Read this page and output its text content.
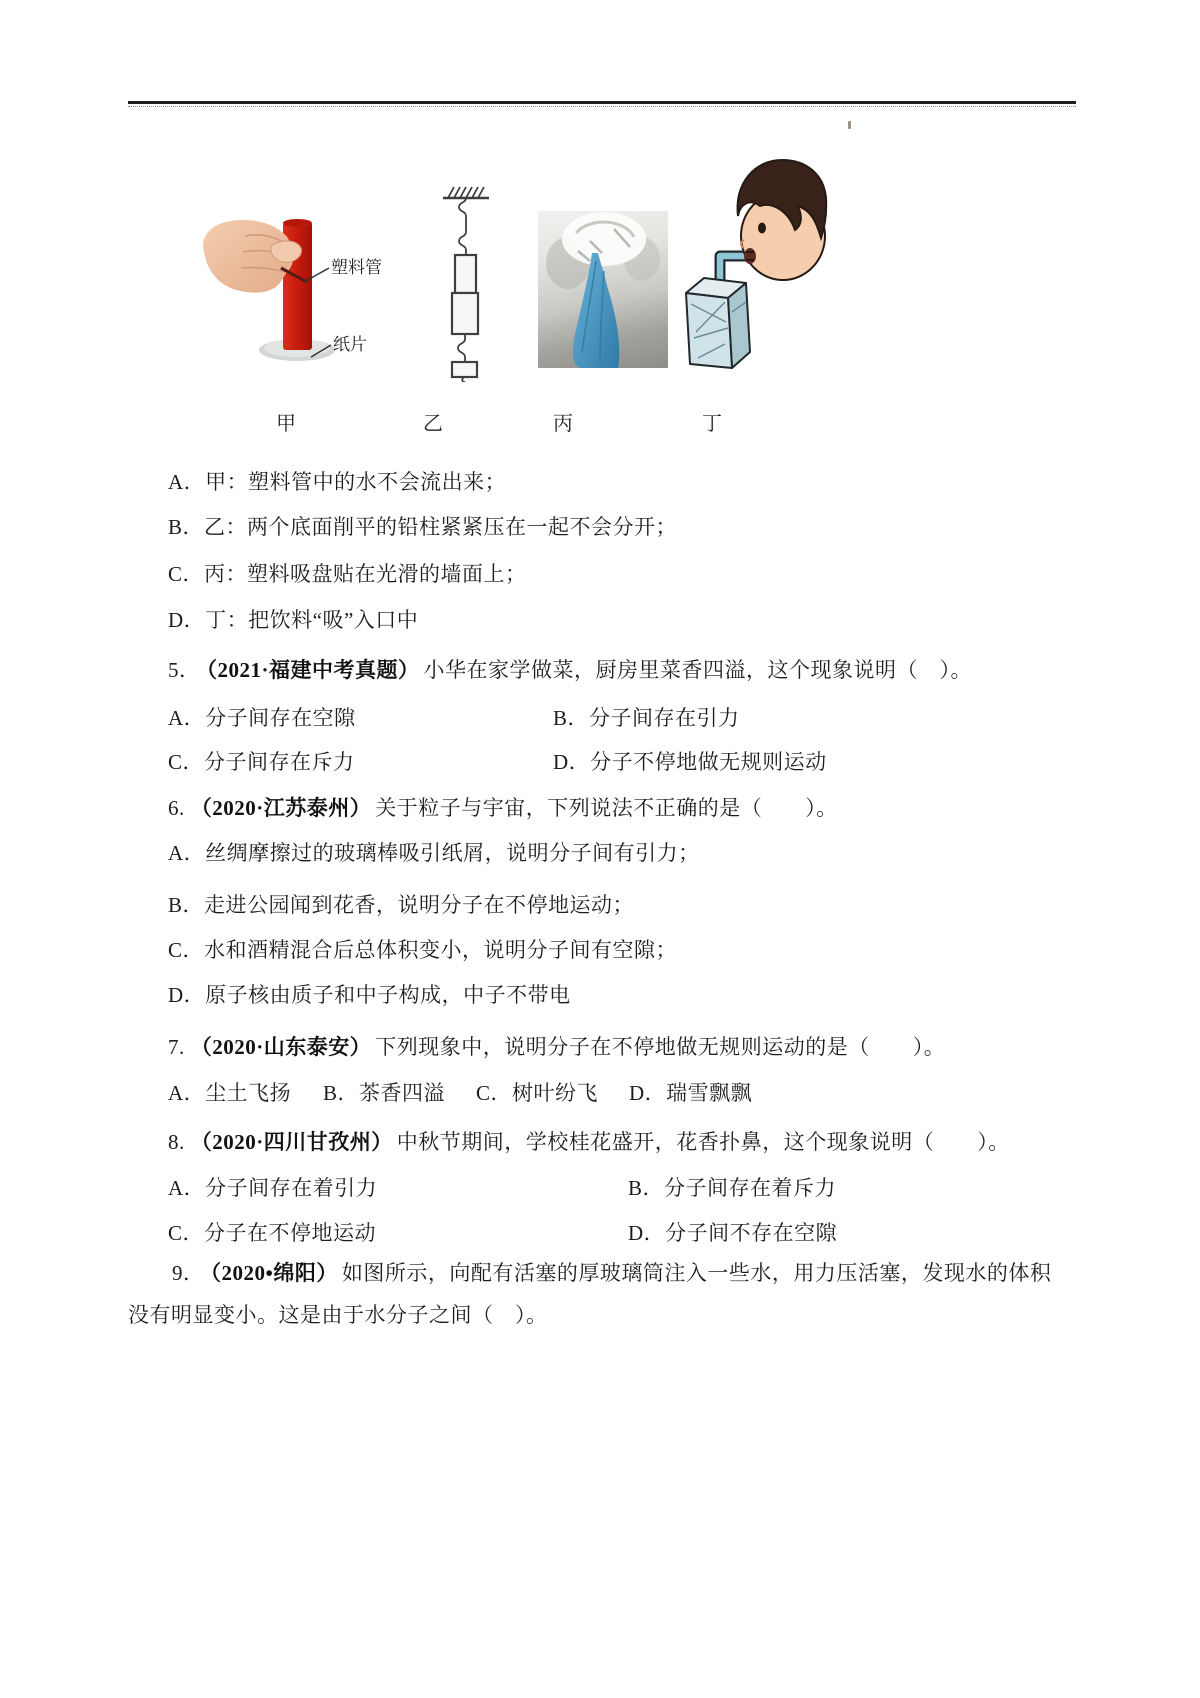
塑料管
纸片
甲	乙	丙	丁
A．甲：塑料管中的水不会流出来；
B．乙：两个底面削平的铅柱紧紧压在一起不会分开；
C．丙：塑料吸盘贴在光滑的墙面上；
D．丁：把饮料“吸”入口中
5． （2021·福建中考真题） 小华在家学做菜，厨房里菜香四溢，这个现象说明（　）。
A．分子间存在空隙	B．分子间存在引力
C．分子间存在斥力	D．分子不停地做无规则运动
6. （2020·江苏泰州） 关于粒子与宇宙，下列说法不正确的是（　　）。
A．丝绸摩擦过的玻璃棒吸引纸屑，说明分子间有引力；
B．走进公园闻到花香，说明分子在不停地运动；
C．水和酒精混合后总体积变小，说明分子间有空隙；
D．原子核由质子和中子构成，中子不带电
7. （2020·山东泰安） 下列现象中，说明分子在不停地做无规则运动的是（　　）。
A．尘土飞扬 B．茶香四溢 C．树叶纷飞 D．瑞雪飘飘
8. （2020·四川甘孜州） 中秋节期间，学校桂花盛开，花香扑鼻，这个现象说明（　　）。
A．分子间存在着引力	B．分子间存在着斥力
C．分子在不停地运动	D．分子间不存在空隙
9． （2020•绵阳） 如图所示，向配有活塞的厚玻璃筒注入一些水，用力压活塞，发现水的体积
没有明显变小。这是由于水分子之间（　）。
